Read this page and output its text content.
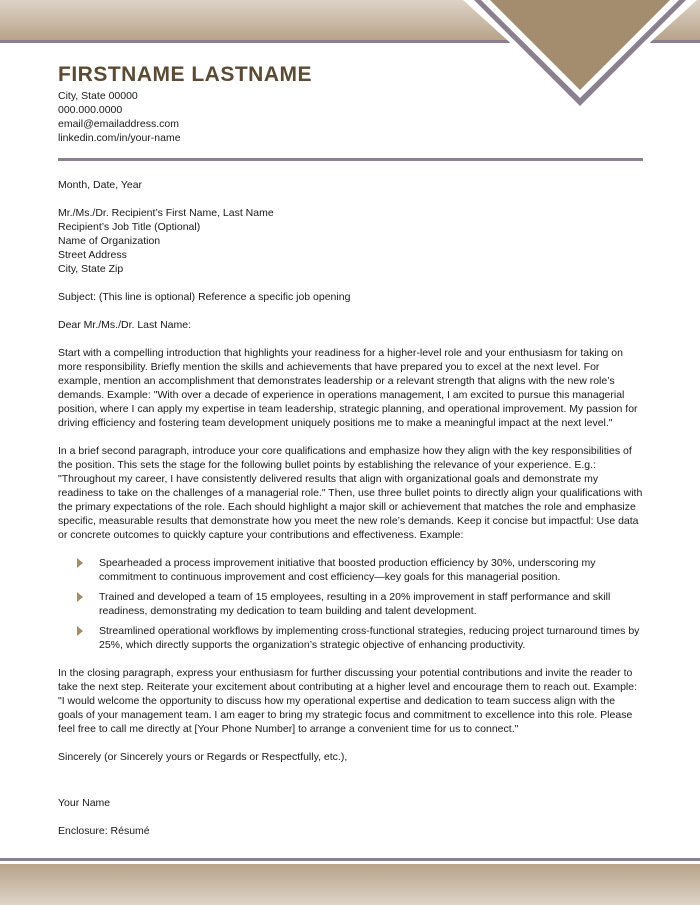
FIRSTNAME LASTNAME
City, State 00000
000.000.0000
email@emailaddress.com
linkedin.com/in/your-name

Month, Date, Year

Mr./Ms./Dr. Recipient’s First Name, Last Name
Recipient’s Job Title (Optional)
Name of Organization
Street Address
City, State Zip

Subject: (This line is optional) Reference a specific job opening

Dear Mr./Ms./Dr. Last Name:

Start with a compelling introduction that highlights your readiness for a higher-level role and your enthusiasm for taking on more responsibility. Briefly mention the skills and achievements that have prepared you to excel at the next level. For example, mention an accomplishment that demonstrates leadership or a relevant strength that aligns with the new role’s demands. Example: "With over a decade of experience in operations management, I am excited to pursue this managerial position, where I can apply my expertise in team leadership, strategic planning, and operational improvement. My passion for driving efficiency and fostering team development uniquely positions me to make a meaningful impact at the next level."

In a brief second paragraph, introduce your core qualifications and emphasize how they align with the key responsibilities of the position. This sets the stage for the following bullet points by establishing the relevance of your experience. E.g.: "Throughout my career, I have consistently delivered results that align with organizational goals and demonstrate my readiness to take on the challenges of a managerial role." Then, use three bullet points to directly align your qualifications with the primary expectations of the role. Each should highlight a major skill or achievement that matches the role and emphasize specific, measurable results that demonstrate how you meet the new role’s demands. Keep it concise but impactful: Use data or concrete outcomes to quickly capture your contributions and effectiveness. Example:

Spearheaded a process improvement initiative that boosted production efficiency by 30%, underscoring my commitment to continuous improvement and cost efficiency—key goals for this managerial position.
Trained and developed a team of 15 employees, resulting in a 20% improvement in staff performance and skill readiness, demonstrating my dedication to team building and talent development.
Streamlined operational workflows by implementing cross-functional strategies, reducing project turnaround times by 25%, which directly supports the organization’s strategic objective of enhancing productivity.

In the closing paragraph, express your enthusiasm for further discussing your potential contributions and invite the reader to take the next step. Reiterate your excitement about contributing at a higher level and encourage them to reach out. Example: "I would welcome the opportunity to discuss how my operational expertise and dedication to team success align with the goals of your management team. I am eager to bring my strategic focus and commitment to excellence into this role. Please feel free to call me directly at [Your Phone Number] to arrange a convenient time for us to connect."

Sincerely (or Sincerely yours or Regards or Respectfully, etc.),

Your Name

Enclosure: Résumé
